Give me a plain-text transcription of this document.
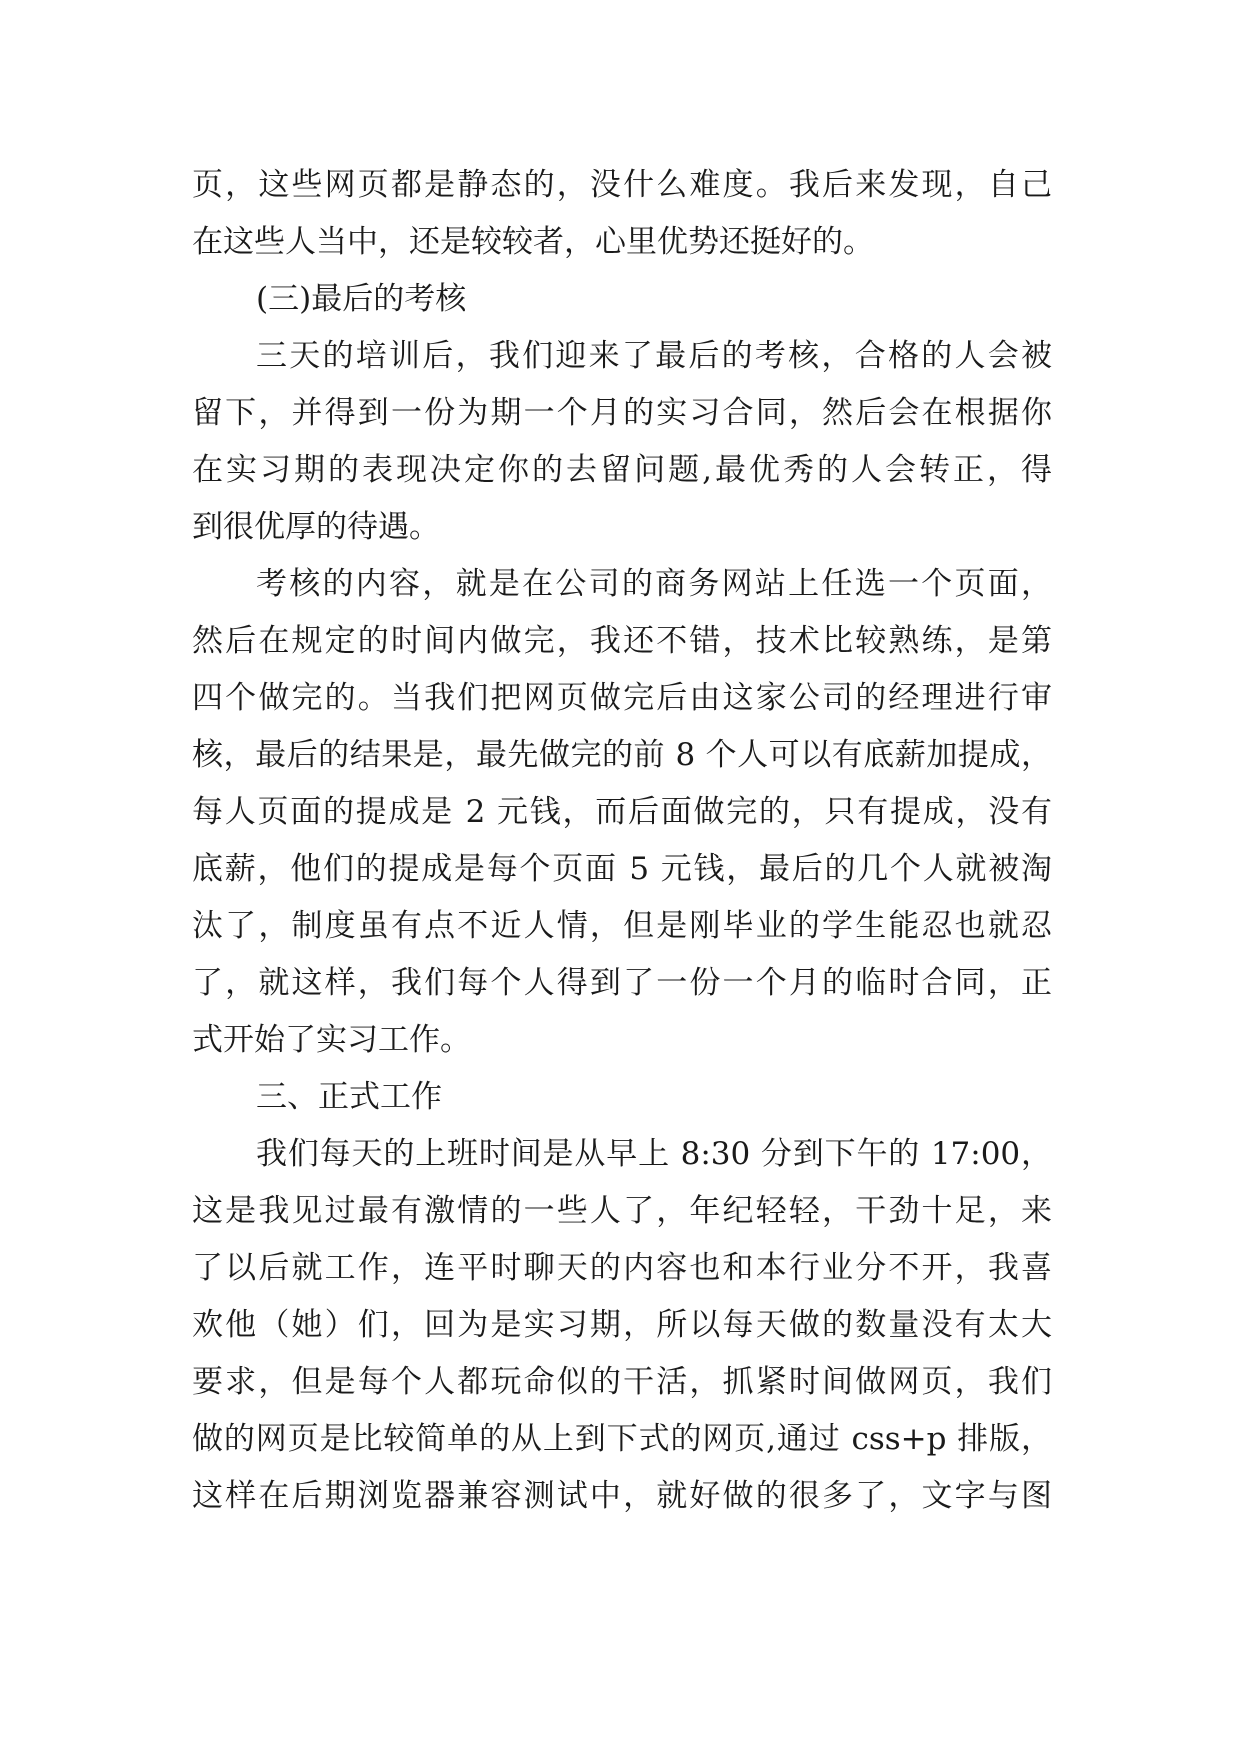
页，这些网页都是静态的，没什么难度。我后来发现，自己
在这些人当中，还是较较者，心里优势还挺好的。
(三)最后的考核
三天的培训后，我们迎来了最后的考核，合格的人会被
留下，并得到一份为期一个月的实习合同，然后会在根据你
在实习期的表现决定你的去留问题,最优秀的人会转正，得
到很优厚的待遇。
考核的内容，就是在公司的商务网站上任选一个页面，
然后在规定的时间内做完，我还不错，技术比较熟练，是第
四个做完的。当我们把网页做完后由这家公司的经理进行审
核，最后的结果是，最先做完的前 8 个人可以有底薪加提成，
每人页面的提成是 2 元钱，而后面做完的，只有提成，没有
底薪，他们的提成是每个页面 5 元钱，最后的几个人就被淘
汰了，制度虽有点不近人情，但是刚毕业的学生能忍也就忍
了，就这样，我们每个人得到了一份一个月的临时合同，正
式开始了实习工作。
三、正式工作
我们每天的上班时间是从早上 8:30 分到下午的 17:00，
这是我见过最有激情的一些人了，年纪轻轻，干劲十足，来
了以后就工作，连平时聊天的内容也和本行业分不开，我喜
欢他（她）们，回为是实习期，所以每天做的数量没有太大
要求，但是每个人都玩命似的干活，抓紧时间做网页，我们
做的网页是比较简单的从上到下式的网页,通过 css+p 排版，
这样在后期浏览器兼容测试中，就好做的很多了，文字与图
